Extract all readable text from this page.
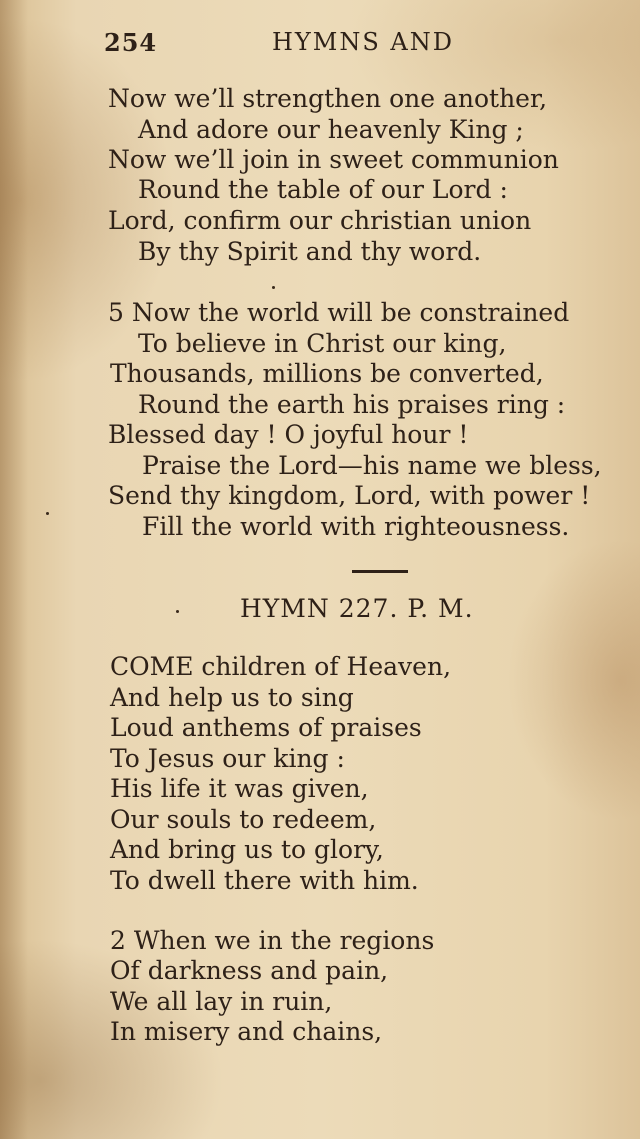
254	HYMNS AND
Now we’ll strengthen one another,
And adore our heavenly King ;
Now we’ll join in sweet communion
Round the table of our Lord :
Lord, confirm our christian union
By thy Spirit and thy word.
5 Now the world will be constrained
To believe in Christ our king,
Thousands, millions be converted,
Round the earth his praises ring :
Blessed day ! O joyful hour !
Praise the Lord—his name we bless,
Send thy kingdom, Lord, with power !
Fill the world with righteousness.
HYMN 227. P. M.
COME children of Heaven,
And help us to sing
Loud anthems of praises
To Jesus our king :
His life it was given,
Our souls to redeem,
And bring us to glory,
To dwell there with him.
2 When we in the regions
Of darkness and pain,
We all lay in ruin,
In misery and chains,
